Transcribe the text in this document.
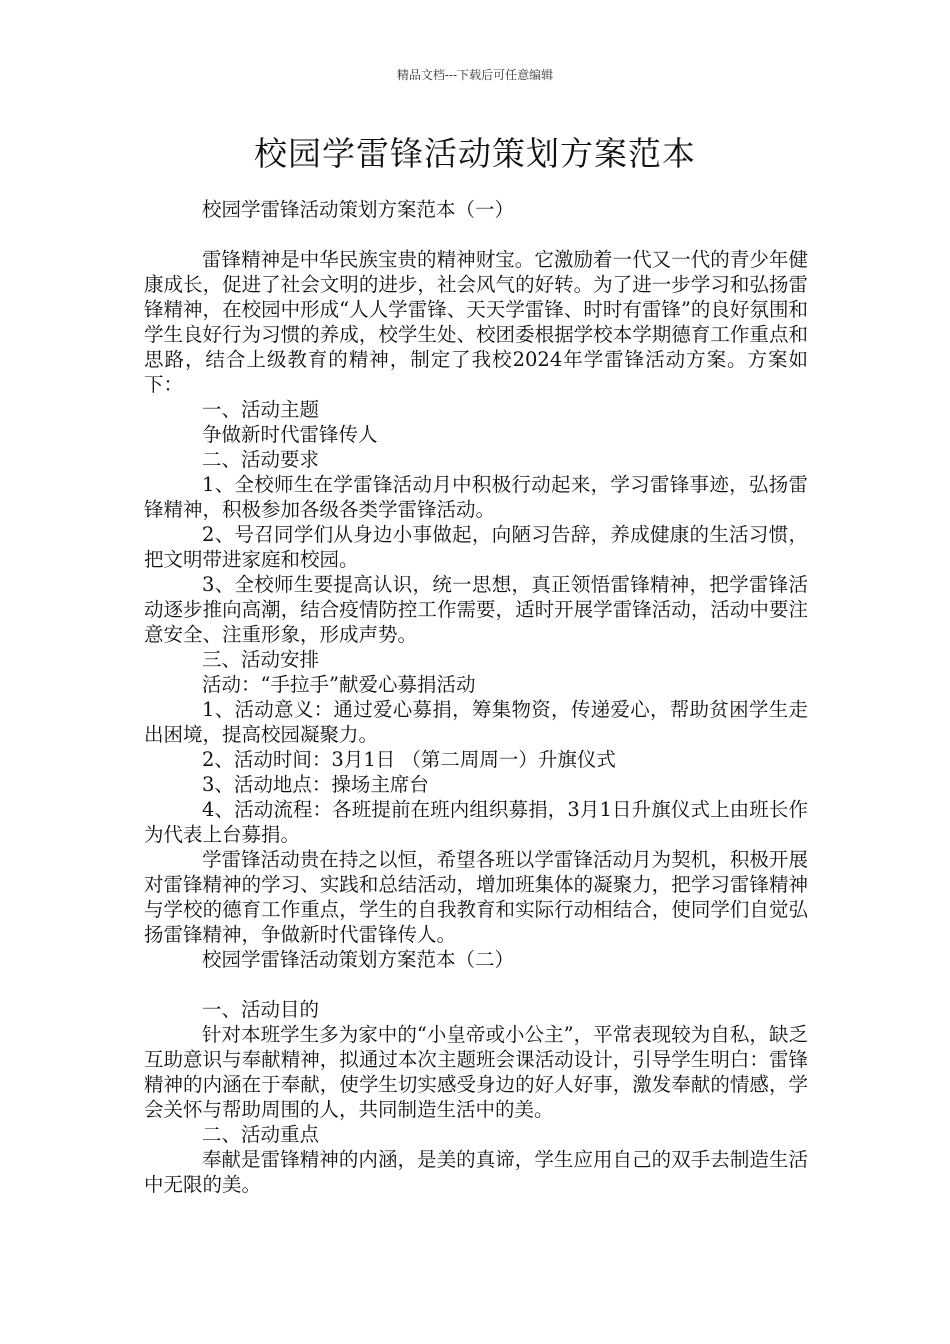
精品文档---下载后可任意编辑
校园学雷锋活动策划方案范本

校园学雷锋活动策划方案范本（一）

雷锋精神是中华民族宝贵的精神财宝。它激励着一代又一代的青少年健康成长，促进了社会文明的进步，社会风气的好转。为了进一步学习和弘扬雷锋精神，在校园中形成“人人学雷锋、天天学雷锋、时时有雷锋”的良好氛围和学生良好行为习惯的养成，校学生处、校团委根据学校本学期德育工作重点和思路，结合上级教育的精神，制定了我校2024年学雷锋活动方案。方案如下：

一、活动主题

争做新时代雷锋传人

二、活动要求

1、全校师生在学雷锋活动月中积极行动起来，学习雷锋事迹，弘扬雷锋精神，积极参加各级各类学雷锋活动。

2、号召同学们从身边小事做起，向陋习告辞，养成健康的生活习惯，把文明带进家庭和校园。

3、全校师生要提高认识，统一思想，真正领悟雷锋精神，把学雷锋活动逐步推向高潮，结合疫情防控工作需要，适时开展学雷锋活动，活动中要注意安全、注重形象，形成声势。

三、活动安排

活动：“手拉手”献爱心募捐活动

1、活动意义：通过爱心募捐，筹集物资，传递爱心，帮助贫困学生走出困境，提高校园凝聚力。

2、活动时间：3月1日 （第二周周一）升旗仪式

3、活动地点：操场主席台

4、活动流程：各班提前在班内组织募捐，3月1日升旗仪式上由班长作为代表上台募捐。

学雷锋活动贵在持之以恒，希望各班以学雷锋活动月为契机，积极开展对雷锋精神的学习、实践和总结活动，增加班集体的凝聚力，把学习雷锋精神与学校的德育工作重点，学生的自我教育和实际行动相结合，使同学们自觉弘扬雷锋精神，争做新时代雷锋传人。

校园学雷锋活动策划方案范本（二）

一、活动目的

针对本班学生多为家中的“小皇帝或小公主”，平常表现较为自私，缺乏互助意识与奉献精神，拟通过本次主题班会课活动设计，引导学生明白：雷锋精神的内涵在于奉献，使学生切实感受身边的好人好事，激发奉献的情感，学会关怀与帮助周围的人，共同制造生活中的美。

二、活动重点

奉献是雷锋精神的内涵，是美的真谛，学生应用自己的双手去制造生活中无限的美。
